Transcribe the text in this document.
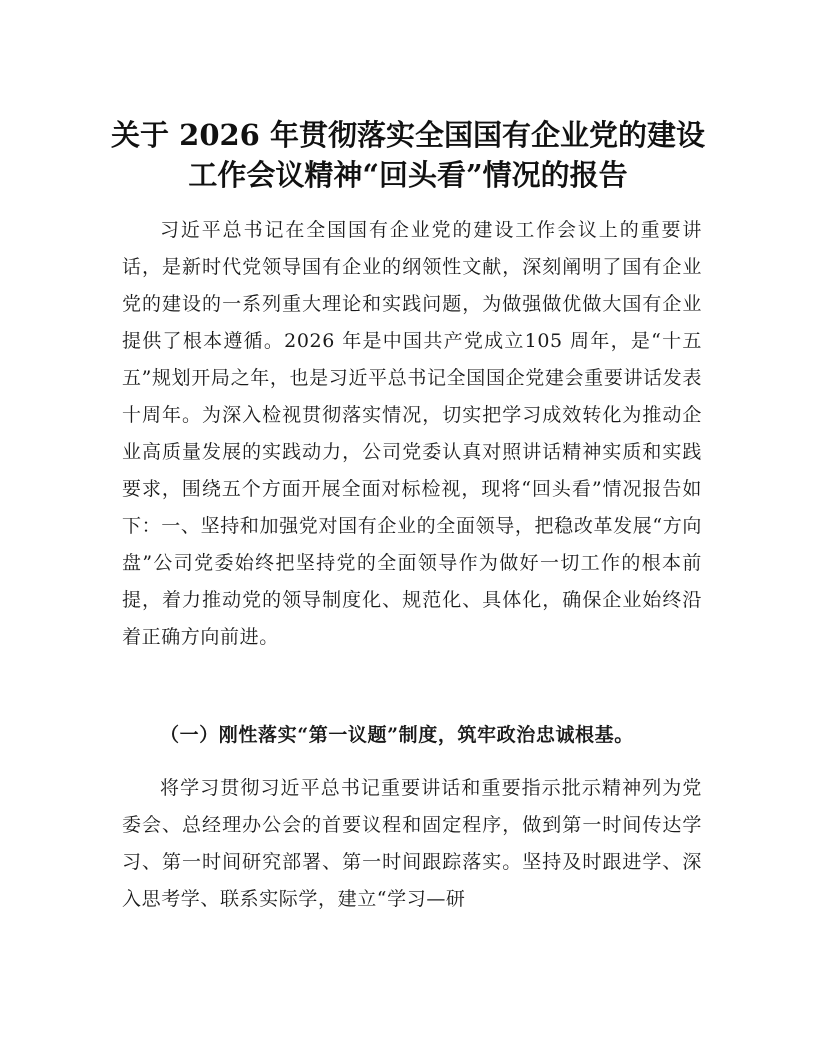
关于 2026 年贯彻落实全国国有企业党的建设
工作会议精神“回头看”情况的报告

习近平总书记在全国国有企业党的建设工作会议上的重要讲话，是新时代党领导国有企业的纲领性文献，深刻阐明了国有企业党的建设的一系列重大理论和实践问题，为做强做优做大国有企业提供了根本遵循。2026 年是中国共产党成立105 周年，是“十五五”规划开局之年，也是习近平总书记全国国企党建会重要讲话发表十周年。为深入检视贯彻落实情况，切实把学习成效转化为推动企业高质量发展的实践动力，公司党委认真对照讲话精神实质和实践要求，围绕五个方面开展全面对标检视，现将“回头看”情况报告如下：一、坚持和加强党对国有企业的全面领导，把稳改革发展“方向盘”公司党委始终把坚持党的全面领导作为做好一切工作的根本前提，着力推动党的领导制度化、规范化、具体化，确保企业始终沿着正确方向前进。

（一）刚性落实“第一议题”制度，筑牢政治忠诚根基。

将学习贯彻习近平总书记重要讲话和重要指示批示精神列为党委会、总经理办公会的首要议程和固定程序，做到第一时间传达学习、第一时间研究部署、第一时间跟踪落实。坚持及时跟进学、深入思考学、联系实际学，建立“学习—研
